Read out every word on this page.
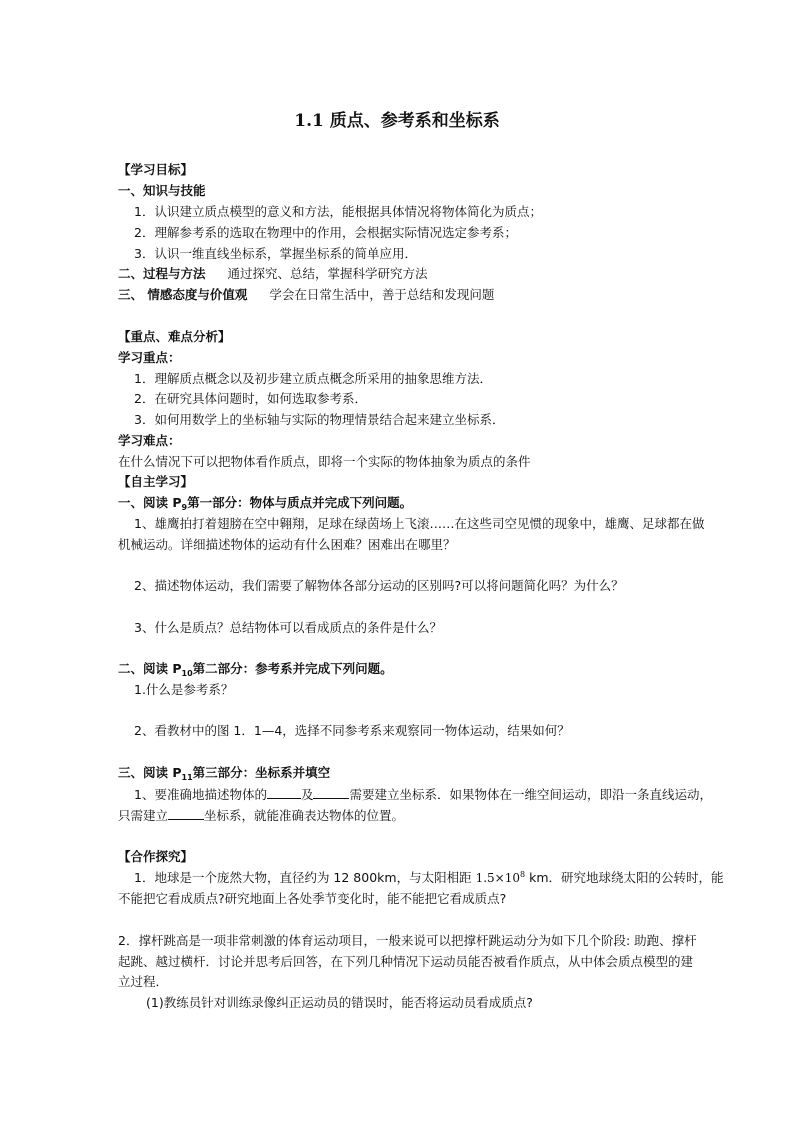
1.1 质点、参考系和坐标系
【学习目标】
一、知识与技能
1．认识建立质点模型的意义和方法，能根据具体情况将物体简化为质点；
2．理解参考系的选取在物理中的作用，会根据实际情况选定参考系；
3．认识一维直线坐标系，掌握坐标系的简单应用．
二、过程与方法 通过探究、总结，掌握科学研究方法
三、 情感态度与价值观 学会在日常生活中，善于总结和发现问题
【重点、难点分析】
学习重点：
1．理解质点概念以及初步建立质点概念所采用的抽象思维方法．
2．在研究具体问题时，如何选取参考系．
3．如何用数学上的坐标轴与实际的物理情景结合起来建立坐标系．
学习难点：
在什么情况下可以把物体看作质点，即将一个实际的物体抽象为质点的条件
【自主学习】
一、阅读 $P_9$第一部分：物体与质点并完成下列问题。
1、雄鹰拍打着翅膀在空中翱翔，足球在绿茵场上飞滚……在这些司空见惯的现象中，雄鹰、足球都在做
机械运动。详细描述物体的运动有什么困难？困难出在哪里？
2、描述物体运动，我们需要了解物体各部分运动的区别吗?可以将问题简化吗？为什么？
3、什么是质点？总结物体可以看成质点的条件是什么？
二、阅读 $P_{10}$第二部分：参考系并完成下列问题。
1.什么是参考系？
2、看教材中的图 1．1—4，选择不同参考系来观察同一物体运动，结果如何？
三、阅读 $P_{11}$第三部分：坐标系并填空
1、要准确地描述物体的	及	需要建立坐标系．如果物体在一维空间运动，即沿一条直线运动，
只需建立	坐标系，就能准确表达物体的位置。
【合作探究】
1．地球是一个庞然大物，直径约为 12 800km，与太阳相距 $1.5\times 10^8$ km．研究地球绕太阳的公转时，能
不能把它看成质点?研究地面上各处季节变化时，能不能把它看成质点?
2．撑杆跳高是一项非常刺激的体育运动项目，一般来说可以把撑杆跳运动分为如下几个阶段: 助跑、撑杆
起跳、越过横杆．讨论并思考后回答，在下列几种情况下运动员能否被看作质点，从中体会质点模型的建
立过程．
(1)教练员针对训练录像纠正运动员的错误时，能否将运动员看成质点?
